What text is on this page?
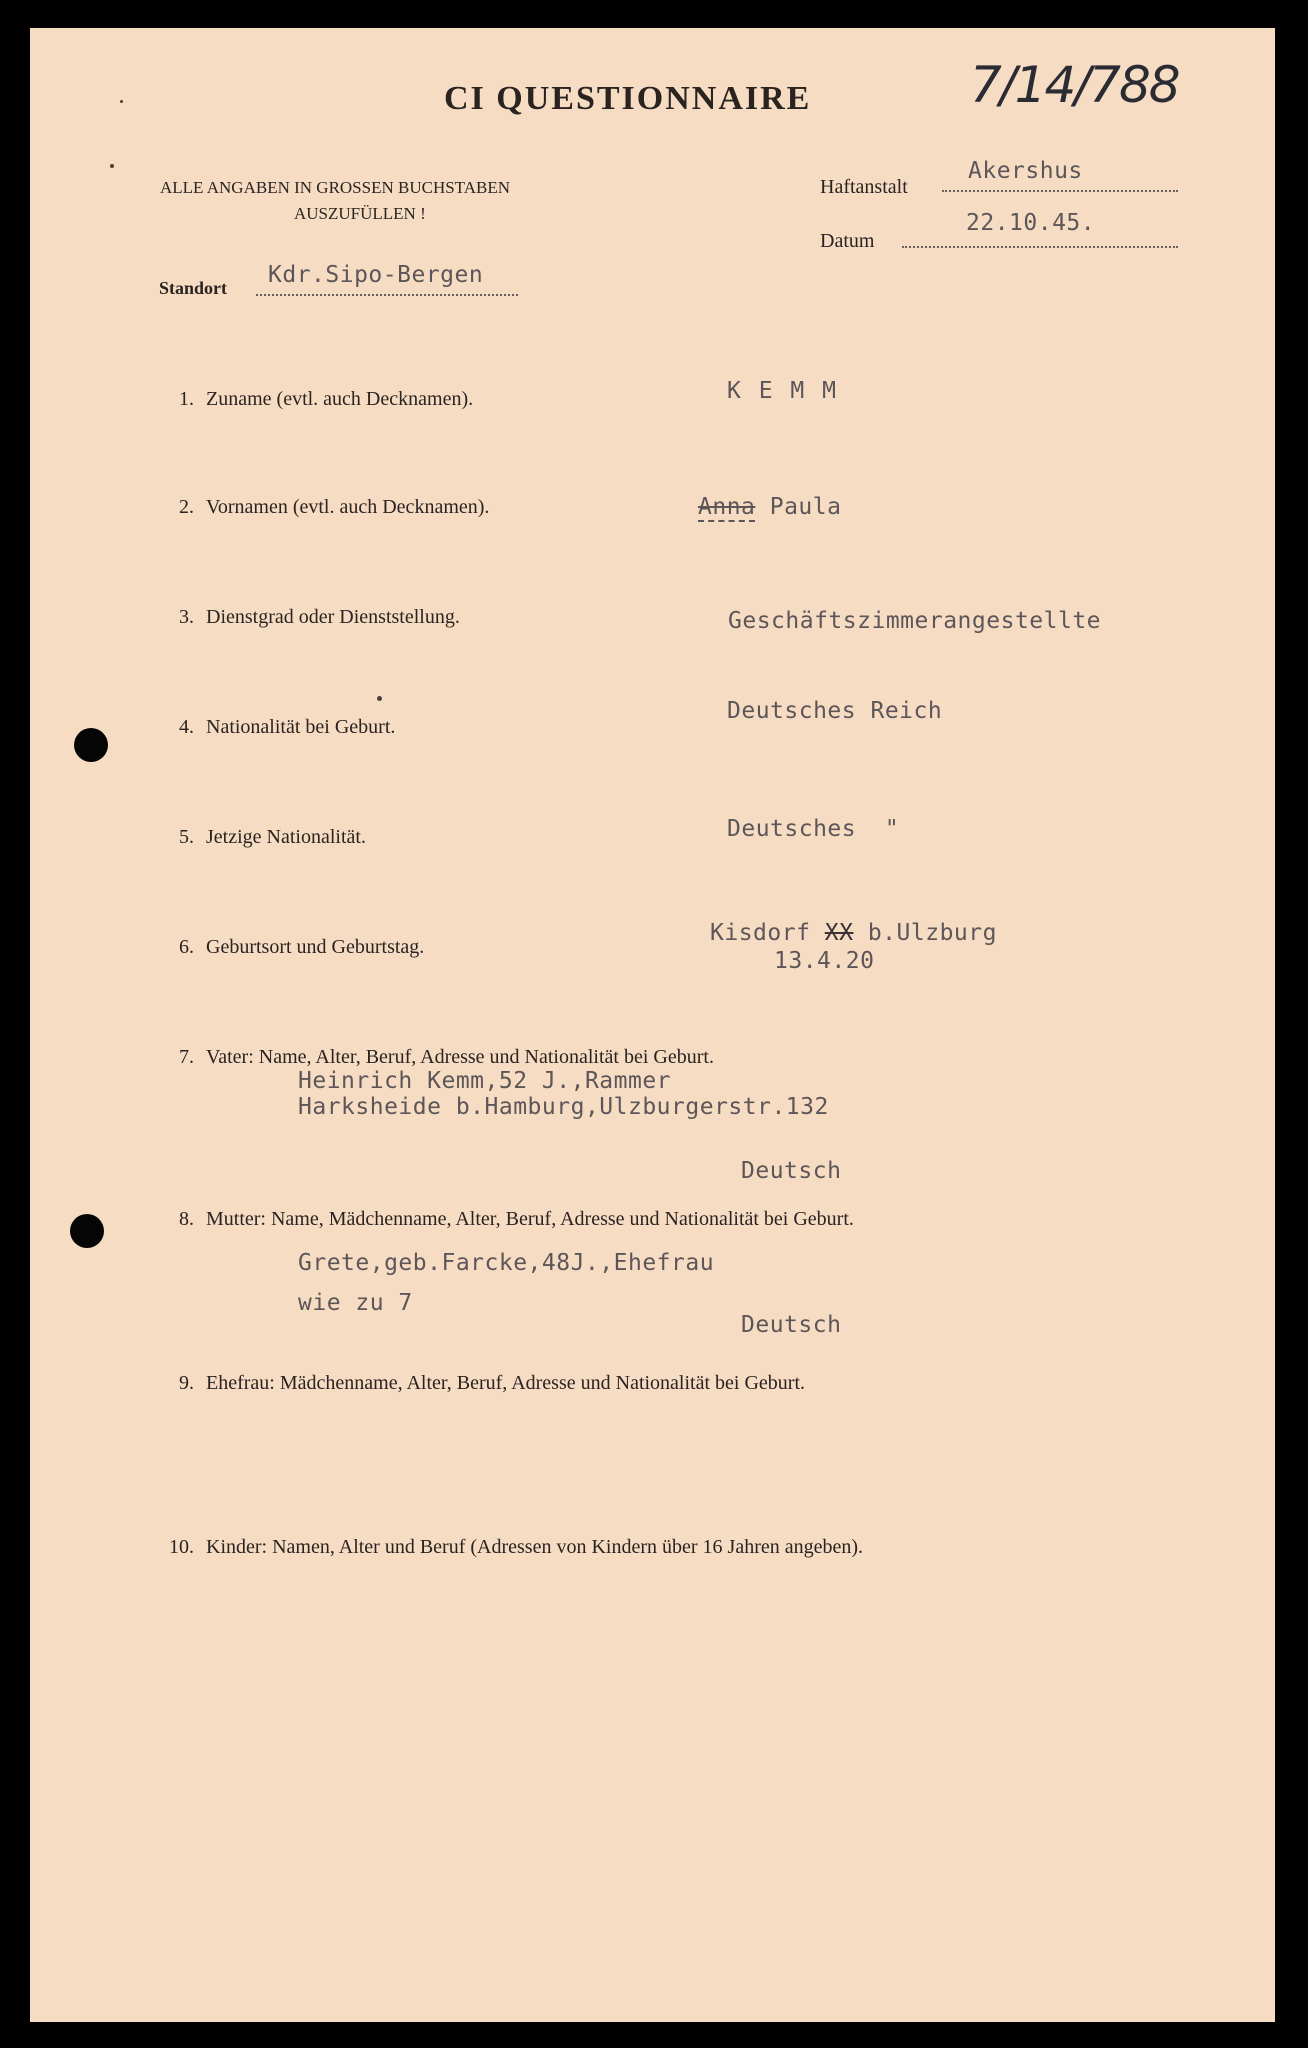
CI QUESTIONNAIRE	7/14/788
ALLE ANGABEN IN GROSSEN BUCHSTABEN
AUSZUFÜLLEN !
Haftanstalt
Akershus
Datum
22.10.45.
Standort Kdr.Sipo-Bergen
1. Zuname (evtl. auch Decknamen).	K E M M
2. Vornamen (evtl. auch Decknamen).	Anna Paula
3. Dienstgrad oder Dienststellung.	Geschäftszimmerangestellte
4. Nationalität bei Geburt.
Deutsches Reich
5. Jetzige Nationalität.	Deutsches  "
6. Geburtsort und Geburtstag.
Kisdorf XX b.Ulzburg
13.4.20
7. Vater: Name, Alter, Beruf, Adresse und Nationalität bei Geburt.
Heinrich Kemm,52 J.,Rammer
Harksheide b.Hamburg,Ulzburgerstr.132
Deutsch
8. Mutter: Name, Mädchenname, Alter, Beruf, Adresse und Nationalität bei Geburt.
Grete,geb.Farcke,48J.,Ehefrau
wie zu 7
Deutsch
9. Ehefrau: Mädchenname, Alter, Beruf, Adresse und Nationalität bei Geburt.
10. Kinder: Namen, Alter und Beruf (Adressen von Kindern über 16 Jahren angeben).
